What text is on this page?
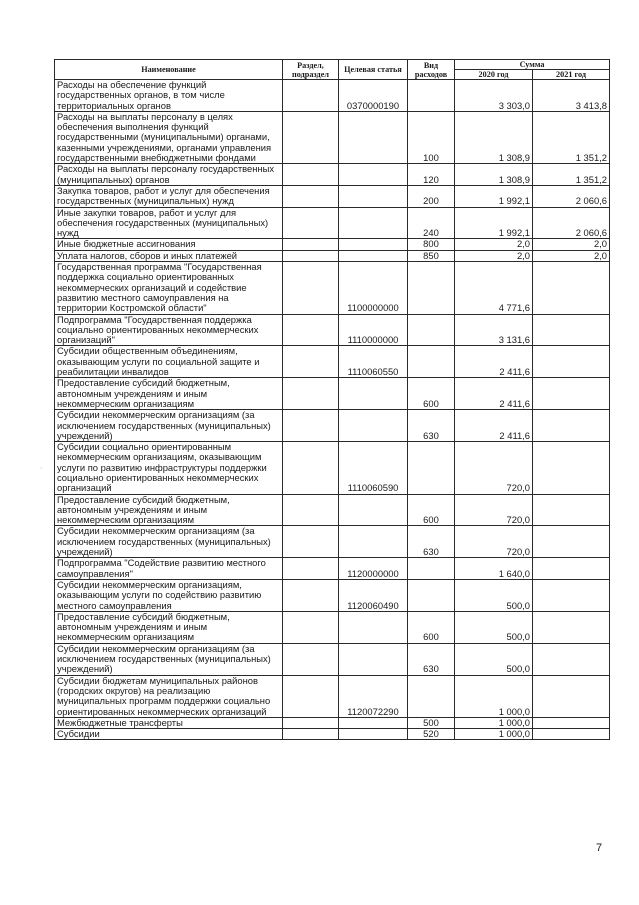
Наименование	Раздел, подраздел	Целевая статья	Вид расходов	Сумма	
				2020 год	2021 год
Расходы на обеспечение функций государственных органов, в том числе территориальных органов		0370000190		3 303,0	3 413,8
Расходы на выплаты персоналу в целях обеспечения выполнения функций государственными (муниципальными) органами, казенными учреждениями, органами управления государственными внебюджетными фондами			100	1 308,9	1 351,2
Расходы на выплаты персоналу государственных (муниципальных) органов			120	1 308,9	1 351,2
Закупка товаров, работ и услуг для обеспечения государственных (муниципальных) нужд			200	1 992,1	2 060,6
Иные закупки товаров, работ и услуг для обеспечения государственных (муниципальных) нужд			240	1 992,1	2 060,6
Иные бюджетные ассигнования			800	2,0	2,0
Уплата налогов, сборов и иных платежей			850	2,0	2,0
Государственная программа "Государственная поддержка социально ориентированных некоммерческих организаций и содействие развитию местного самоуправления на территории Костромской области"		1100000000		4 771,6	
Подпрограмма "Государственная поддержка социально ориентированных некоммерческих организаций"		1110000000		3 131,6	
Субсидии общественным объединениям, оказывающим услуги по социальной защите и реабилитации инвалидов		1110060550		2 411,6	
Предоставление субсидий бюджетным, автономным учреждениям и иным некоммерческим организациям			600	2 411,6	
Субсидии некоммерческим организациям (за исключением государственных (муниципальных) учреждений)			630	2 411,6	
Субсидии социально ориентированным некоммерческим организациям, оказывающим услуги по развитию инфраструктуры поддержки социально ориентированных некоммерческих организаций		1110060590		720,0	
Предоставление субсидий бюджетным, автономным учреждениям и иным некоммерческим организациям			600	720,0	
Субсидии некоммерческим организациям (за исключением государственных (муниципальных) учреждений)			630	720,0	
Подпрограмма "Содействие развитию местного самоуправления"		1120000000		1 640,0	
Субсидии некоммерческим организациям, оказывающим услуги по содействию развитию местного самоуправления		1120060490		500,0	
Предоставление субсидий бюджетным, автономным учреждениям и иным некоммерческим организациям			600	500,0	
Субсидии некоммерческим организациям (за исключением государственных (муниципальных) учреждений)			630	500,0	
Субсидии бюджетам муниципальных районов (городских округов) на реализацию муниципальных программ поддержки социально ориентированных некоммерческих организаций		1120072290		1 000,0	
Межбюджетные трансферты			500	1 000,0	
Субсидии			520	1 000,0	
·
7
